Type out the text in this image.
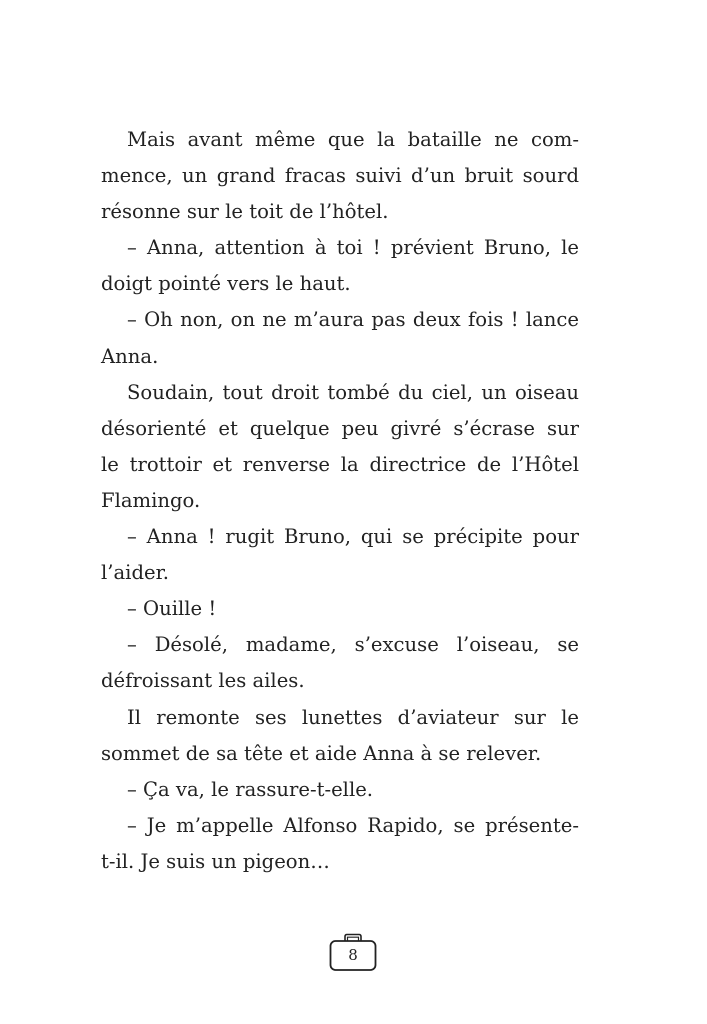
Mais avant même que la bataille ne com-
mence, un grand fracas suivi d’un bruit sourd
résonne sur le toit de l’hôtel.
– Anna, attention à toi ! prévient Bruno, le
doigt pointé vers le haut.
– Oh non, on ne m’aura pas deux fois ! lance
Anna.
Soudain, tout droit tombé du ciel, un oiseau
désorienté et quelque peu givré s’écrase sur
le trottoir et renverse la directrice de l’Hôtel
Flamingo.
– Anna ! rugit Bruno, qui se précipite pour
l’aider.
– Ouille !
– Désolé, madame, s’excuse l’oiseau, se
défroissant les ailes.
Il remonte ses lunettes d’aviateur sur le
sommet de sa tête et aide Anna à se relever.
– Ça va, le rassure-t-elle.
– Je m’appelle Alfonso Rapido, se présente-
t-il. Je suis un pigeon…
8
